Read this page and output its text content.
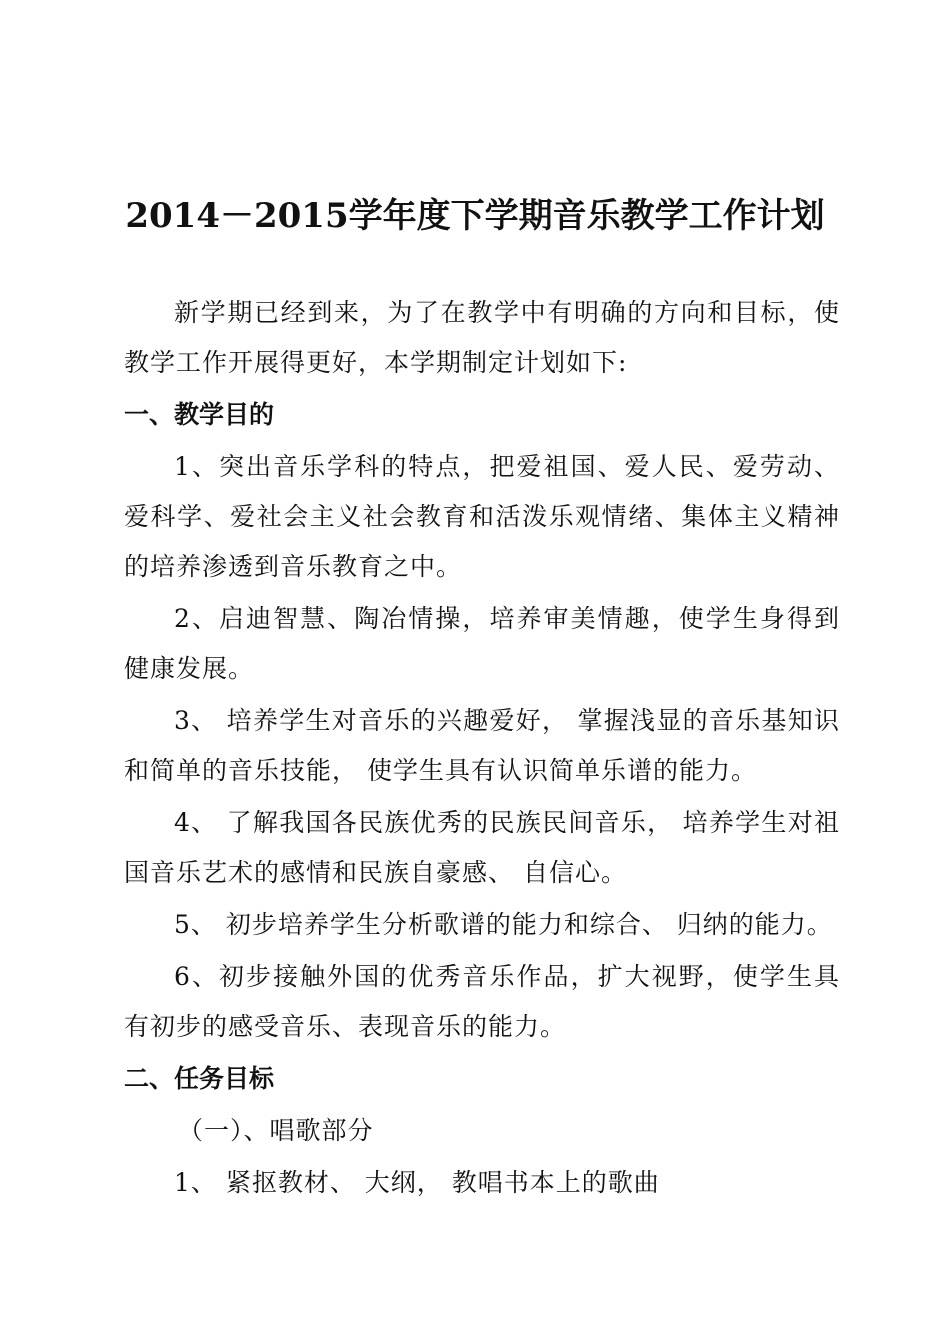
2014－2015学年度下学期音乐教学工作计划

新学期已经到来，为了在教学中有明确的方向和目标，使教学工作开展得更好，本学期制定计划如下:

一、教学目的

1、突出音乐学科的特点，把爱祖国、爱人民、爱劳动、爱科学、爱社会主义社会教育和活泼乐观情绪、集体主义精神的培养渗透到音乐教育之中。

2、启迪智慧、陶冶情操，培养审美情趣，使学生身得到健康发展。

3、 培养学生对音乐的兴趣爱好， 掌握浅显的音乐基知识和简单的音乐技能， 使学生具有认识简单乐谱的能力。

4、 了解我国各民族优秀的民族民间音乐， 培养学生对祖国音乐艺术的感情和民族自豪感、 自信心。

5、 初步培养学生分析歌谱的能力和综合、 归纳的能力。

6、初步接触外国的优秀音乐作品，扩大视野，使学生具有初步的感受音乐、表现音乐的能力。

二、任务目标
（一）、唱歌部分

1、 紧抠教材、 大纲， 教唱书本上的歌曲
